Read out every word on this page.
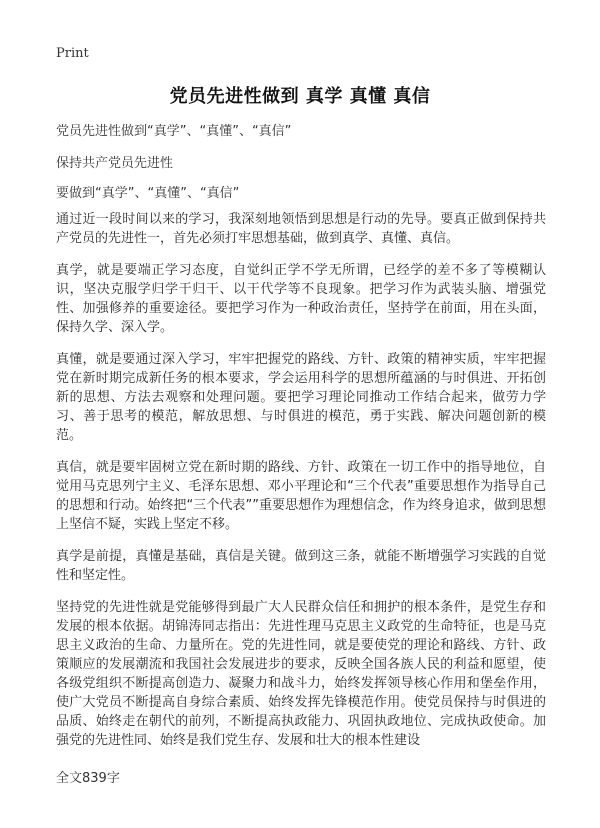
Print
党员先进性做到 真学 真懂 真信
党员先进性做到“真学”、“真懂”、“真信”
保持共产党员先进性
要做到“真学”、“真懂”、“真信”

通过近一段时间以来的学习，我深刻地领悟到思想是行动的先导。要真正做到保持共产党员的先进性一，首先必须打牢思想基础，做到真学、真懂、真信。

真学，就是要端正学习态度，自觉纠正学不学无所谓，已经学的差不多了等模糊认识，坚决克服学归学干归干、以干代学等不良现象。把学习作为武装头脑、增强党性、加强修养的重要途径。要把学习作为一种政治责任，坚持学在前面，用在头面，保持久学、深入学。

真懂，就是要通过深入学习，牢牢把握党的路线、方针、政策的精神实质，牢牢把握党在新时期完成新任务的根本要求，学会运用科学的思想所蕴涵的与时俱进、开拓创新的思想、方法去观察和处理问题。要把学习理论同推动工作结合起来，做劳力学习、善于思考的模范，解放思想、与时俱进的模范，勇于实践、解决问题创新的模范。

真信，就是要牢固树立党在新时期的路线、方针、政策在一切工作中的指导地位，自觉用马克思列宁主义、毛泽东思想、邓小平理论和“三个代表”重要思想作为指导自己的思想和行动。始终把“三个代表””重要思想作为理想信念，作为终身追求，做到思想上坚信不疑，实践上坚定不移。

真学是前提，真懂是基础，真信是关键。做到这三条，就能不断增强学习实践的自觉性和坚定性。

坚持党的先进性就是党能够得到最广大人民群众信任和拥护的根本条件，是党生存和发展的根本依据。胡锦涛同志指出：先进性理马克思主义政党的生命特征，也是马克思主义政治的生命、力量所在。党的先进性同，就是要使党的理论和路线、方针、政策顺应的发展潮流和我国社会发展进步的要求，反映全国各族人民的利益和愿望，使各级党组织不断提高创造力、凝聚力和战斗力，始终发挥领导核心作用和堡垒作用，使广大党员不断提高自身综合素质、始终发挥先锋模范作用。使党员保持与时俱进的品质、始终走在朝代的前列，不断提高执政能力、巩固执政地位、完成执政使命。加强党的先进性同、始终是我们党生存、发展和壮大的根本性建设

全文839字
